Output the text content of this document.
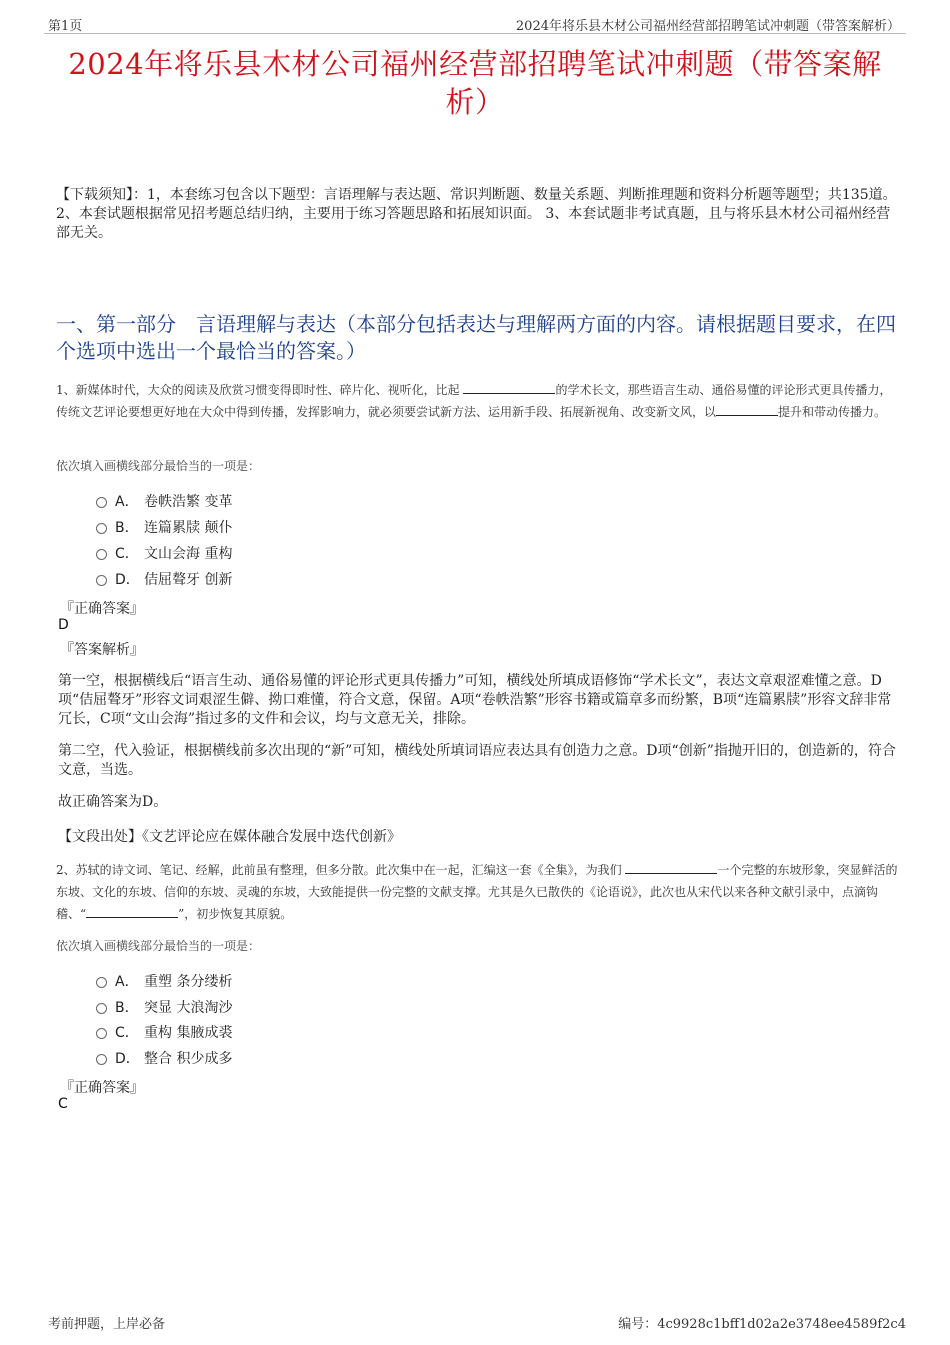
第1页	2024年将乐县木材公司福州经营部招聘笔试冲刺题（带答案解析）
2024年将乐县木材公司福州经营部招聘笔试冲刺题（带答案解析）
【下载须知】：1，本套练习包含以下题型：言语理解与表达题、常识判断题、数量关系题、判断推理题和资料分析题等题型；共135道。 2、本套试题根据常见招考题总结归纳，主要用于练习答题思路和拓展知识面。 3、本套试题非考试真题，且与将乐县木材公司福州经营部无关。
一、第一部分　言语理解与表达（本部分包括表达与理解两方面的内容。请根据题目要求，在四个选项中选出一个最恰当的答案。）
1、新媒体时代，大众的阅读及欣赏习惯变得即时性、碎片化、视听化，比起	的学术长文，那些语言生动、通俗易懂的评论形式更具传播力，传统文艺评论要想更好地在大众中得到传播，发挥影响力，就必须要尝试新方法、运用新手段、拓展新视角、改变新文风，以	提升和带动传播力。
依次填入画横线部分最恰当的一项是：
A． 卷帙浩繁 变革
B． 连篇累牍 颠仆
C． 文山会海 重构
D． 佶屈聱牙 创新
『正确答案』
D
『答案解析』
第一空，根据横线后“语言生动、通俗易懂的评论形式更具传播力”可知，横线处所填成语修饰“学术长文”，表达文章艰涩难懂之意。D项“佶屈聱牙”形容文词艰涩生僻、拗口难懂，符合文意，保留。A项“卷帙浩繁”形容书籍或篇章多而纷繁，B项“连篇累牍”形容文辞非常冗长，C项“文山会海”指过多的文件和会议，均与文意无关，排除。
第二空，代入验证，根据横线前多次出现的“新”可知，横线处所填词语应表达具有创造力之意。D项“创新”指抛开旧的，创造新的，符合文意，当选。
故正确答案为D。
【文段出处】《文艺评论应在媒体融合发展中迭代创新》
2、苏轼的诗文词、笔记、经解，此前虽有整理，但多分散。此次集中在一起，汇编这一套《全集》，为我们	一个完整的东坡形象，突显鲜活的东坡、文化的东坡、信仰的东坡、灵魂的东坡，大致能提供一份完整的文献支撑。尤其是久已散佚的《论语说》，此次也从宋代以来各种文献引录中，点滴钩稽、“	”，初步恢复其原貌。
依次填入画横线部分最恰当的一项是：
A． 重塑 条分缕析
B． 突显 大浪淘沙
C． 重构 集腋成裘
D． 整合 积少成多
『正确答案』
C
考前押题，上岸必备	编号：4c9928c1bff1d02a2e3748ee4589f2c4
